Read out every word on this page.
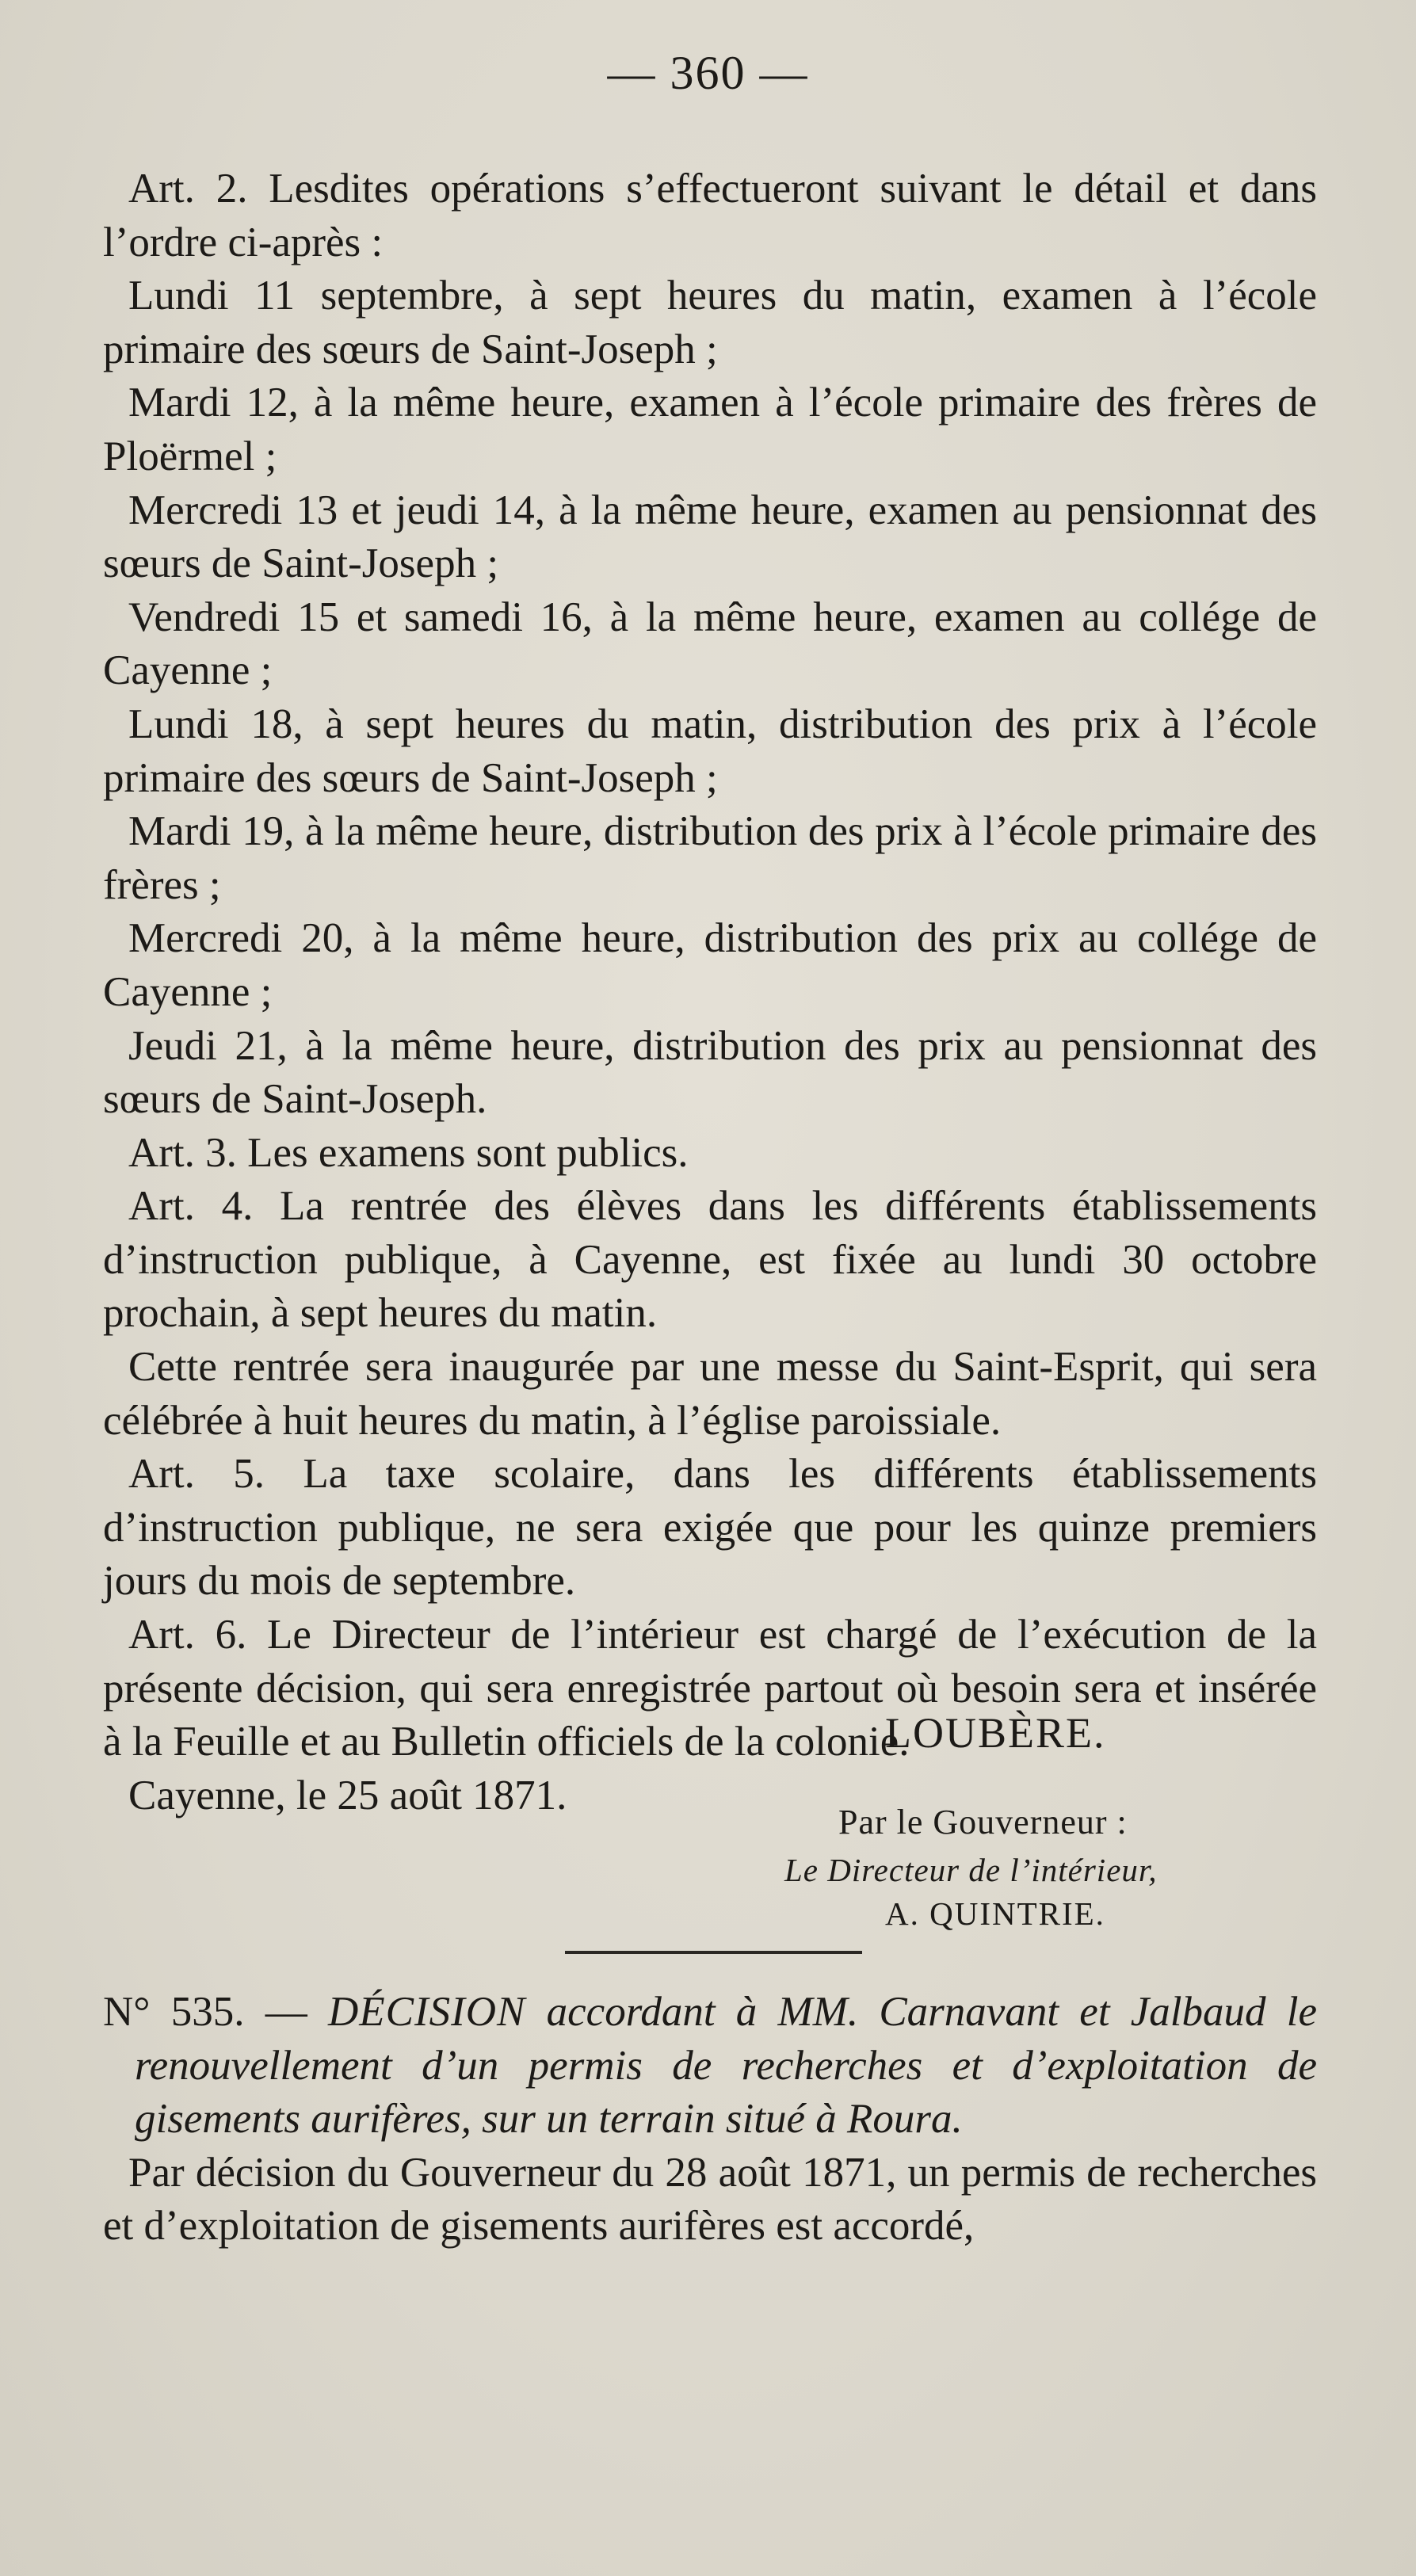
— 360 —

Art. 2. Lesdites opérations s’effectueront suivant le détail et dans l’ordre ci-après :

Lundi 11 septembre, à sept heures du matin, examen à l’école primaire des sœurs de Saint-Joseph ;

Mardi 12, à la même heure, examen à l’école primaire des frères de Ploërmel ;

Mercredi 13 et jeudi 14, à la même heure, examen au pensionnat des sœurs de Saint-Joseph ;

Vendredi 15 et samedi 16, à la même heure, examen au collége de Cayenne ;

Lundi 18, à sept heures du matin, distribution des prix à l’école primaire des sœurs de Saint-Joseph ;

Mardi 19, à la même heure, distribution des prix à l’école primaire des frères ;

Mercredi 20, à la même heure, distribution des prix au collége de Cayenne ;

Jeudi 21, à la même heure, distribution des prix au pensionnat des sœurs de Saint-Joseph.

Art. 3. Les examens sont publics.

Art. 4. La rentrée des élèves dans les différents établissements d’instruction publique, à Cayenne, est fixée au lundi 30 octobre prochain, à sept heures du matin.

Cette rentrée sera inaugurée par une messe du Saint-Esprit, qui sera célébrée à huit heures du matin, à l’église paroissiale.

Art. 5. La taxe scolaire, dans les différents établissements d’instruction publique, ne sera exigée que pour les quinze premiers jours du mois de septembre.

Art. 6. Le Directeur de l’intérieur est chargé de l’exécution de la présente décision, qui sera enregistrée partout où besoin sera et insérée à la Feuille et au Bulletin officiels de la colonie.

Cayenne, le 25 août 1871.

LOUBÈRE.
Par le Gouverneur :
Le Directeur de l’intérieur,
A. QUINTRIE.

N° 535. — DÉCISION accordant à MM. Carnavant et Jalbaud le renouvellement d’un permis de recherches et d’exploitation de gisements aurifères, sur un terrain situé à Roura.

Par décision du Gouverneur du 28 août 1871, un permis de recherches et d’exploitation de gisements aurifères est accordé,
